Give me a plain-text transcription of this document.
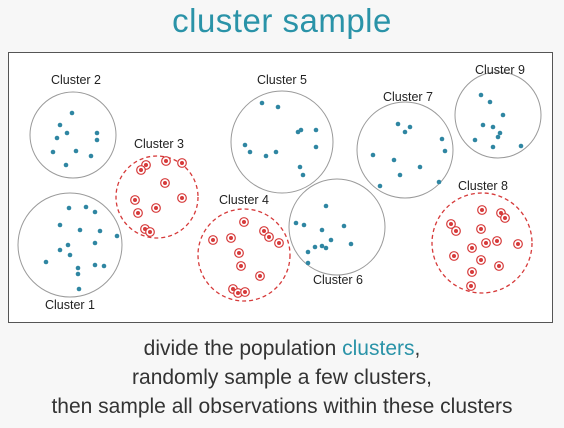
cluster sample
Cluster 1
Cluster 2
Cluster 3
Cluster 4
Cluster 5
Cluster 6
Cluster 7
Cluster 8
Cluster 9
divide the population clusters,
randomly sample a few clusters,
then sample all observations within these clusters
